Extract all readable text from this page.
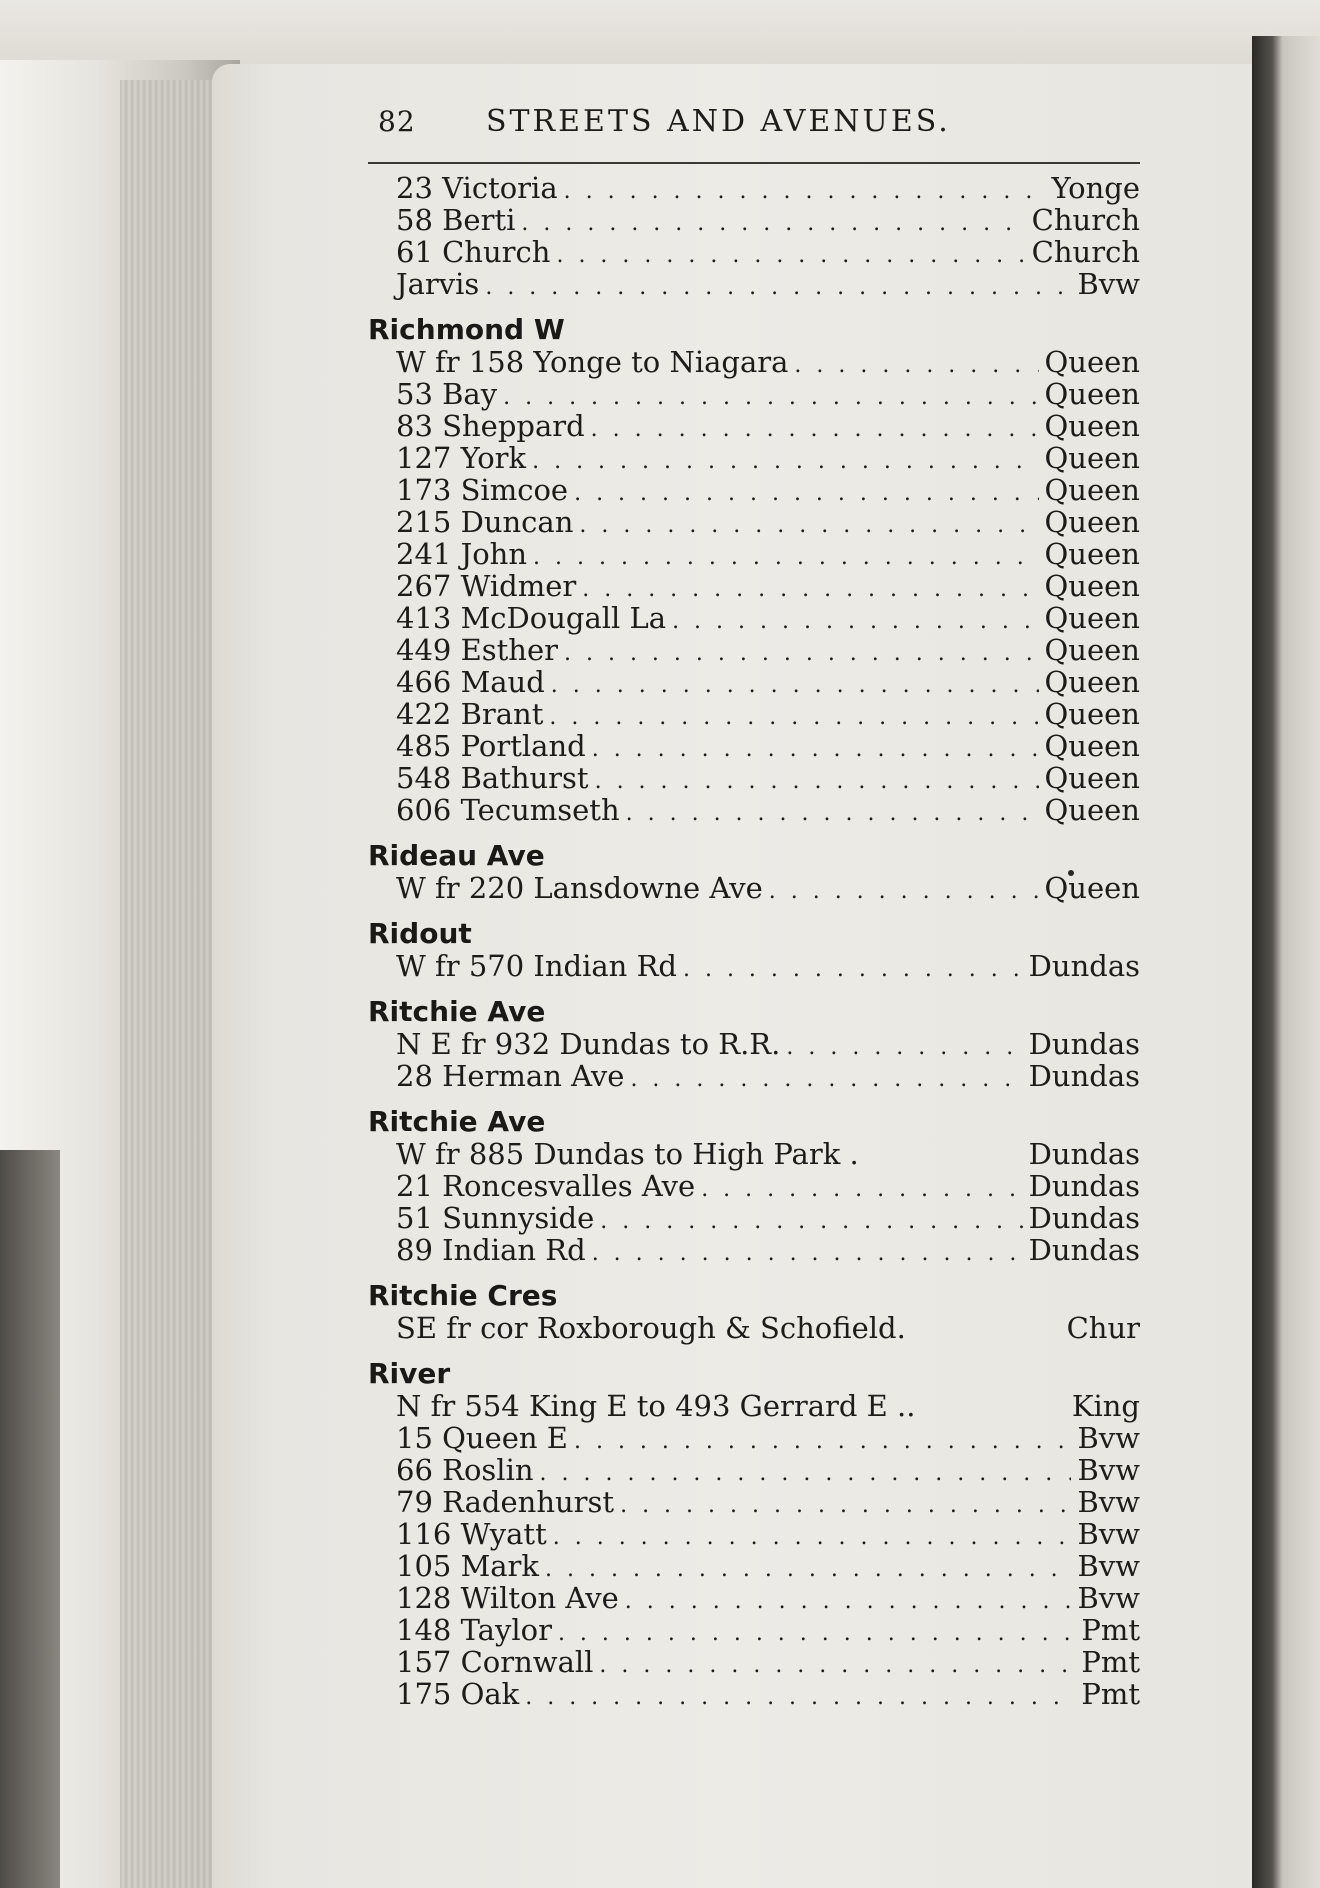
82	STREETS AND AVENUES.
23 Victoria . . .	Yonge
58 Berti . . .	Church
61 Church . . .	Church
Jarvis . . .	Bvw
Richmond W
W fr 158 Yonge to Niagara . . .	Queen
53 Bay . . .	Queen
83 Sheppard . . .	Queen
127 York . . .	Queen
173 Simcoe . . .	Queen
215 Duncan . . .	Queen
241 John . . .	Queen
267 Widmer . . .	Queen
413 McDougall La . . .	Queen
449 Esther . . .	Queen
466 Maud . . .	Queen
422 Brant . . .	Queen
485 Portland . . .	Queen
548 Bathurst . . .	Queen
606 Tecumseth . . .	Queen
Rideau Ave
W fr 220 Lansdowne Ave . . .	Queen
Ridout
W fr 570 Indian Rd . . .	Dundas
Ritchie Ave
N E fr 932 Dundas to R.R. . . .	Dundas
28 Herman Ave . . .	Dundas
Ritchie Ave
W fr 885 Dundas to High Park .	Dundas
21 Roncesvalles Ave . . .	Dundas
51 Sunnyside . . .	Dundas
89 Indian Rd . . .	Dundas
Ritchie Cres
SE fr cor Roxborough & Schofield.	Chur
River
N fr 554 King E to 493 Gerrard E ..	King
15 Queen E . . .	Bvw
66 Roslin . . .	Bvw
79 Radenhurst . . .	Bvw
116 Wyatt . . .	Bvw
105 Mark . . .	Bvw
128 Wilton Ave . . .	Bvw
148 Taylor . . .	Pmt
157 Cornwall . . .	Pmt
175 Oak . . .	Pmt
